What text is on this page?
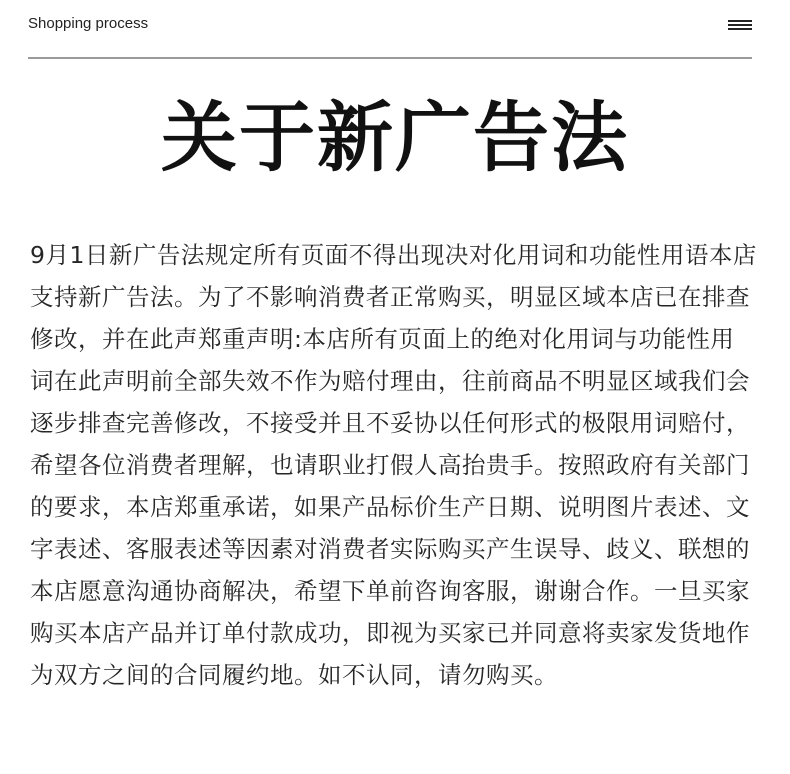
Shopping process
关于新广告法

9月1日新广告法规定所有页面不得出现决对化用词和功能性用语本店支持新广告法。为了不影响消费者正常购买，明显区域本店已在排查修改，并在此声郑重声明:本店所有页面上的绝对化用词与功能性用词在此声明前全部失效不作为赔付理由，往前商品不明显区域我们会逐步排查完善修改，不接受并且不妥协以任何形式的极限用词赔付，希望各位消费者理解，也请职业打假人高抬贵手。按照政府有关部门的要求，本店郑重承诺，如果产品标价生产日期、说明图片表述、文字表述、客服表述等因素对消费者实际购买产生误导、歧义、联想的本店愿意沟通协商解决，希望下单前咨询客服，谢谢合作。一旦买家购买本店产品并订单付款成功，即视为买家已并同意将卖家发货地作为双方之间的合同履约地。如不认同，请勿购买。
